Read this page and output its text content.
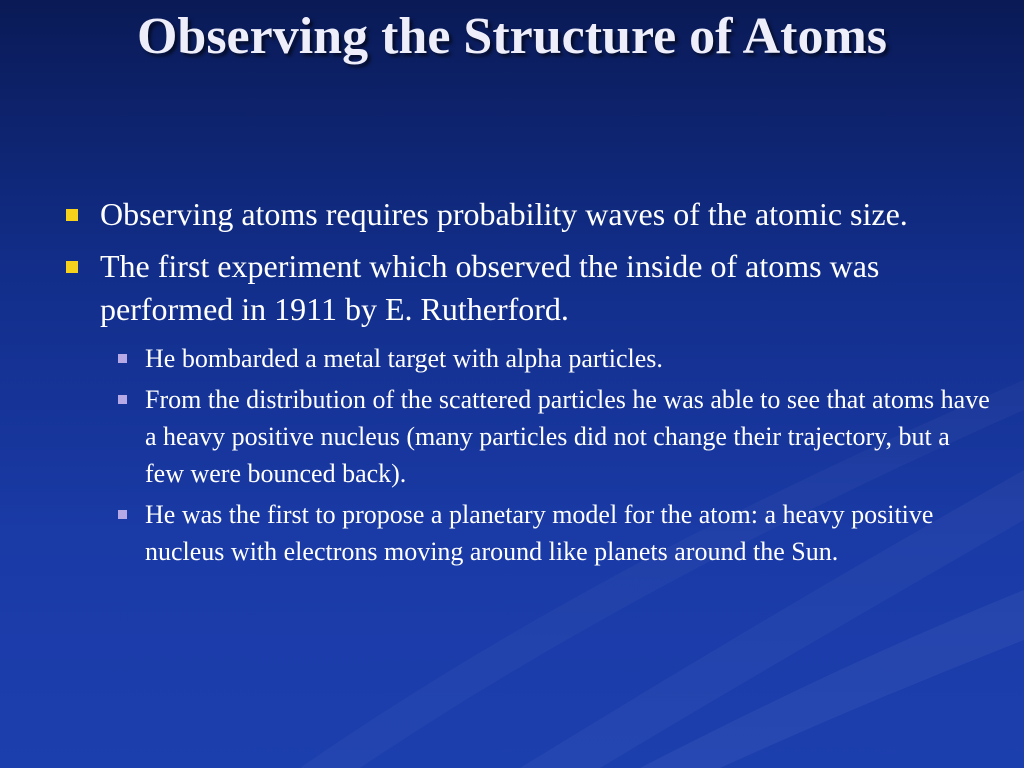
Observing the Structure of Atoms
Observing atoms requires probability waves of the atomic size.
The first experiment which observed the inside of atoms was performed in 1911 by E. Rutherford.
He bombarded a metal target with alpha particles.
From the distribution of the scattered particles he was able to see that atoms have a heavy positive nucleus (many particles did not change their trajectory, but a few were bounced back).
He was the first to propose a planetary model for the atom: a heavy positive nucleus with electrons moving around like planets around the Sun.
